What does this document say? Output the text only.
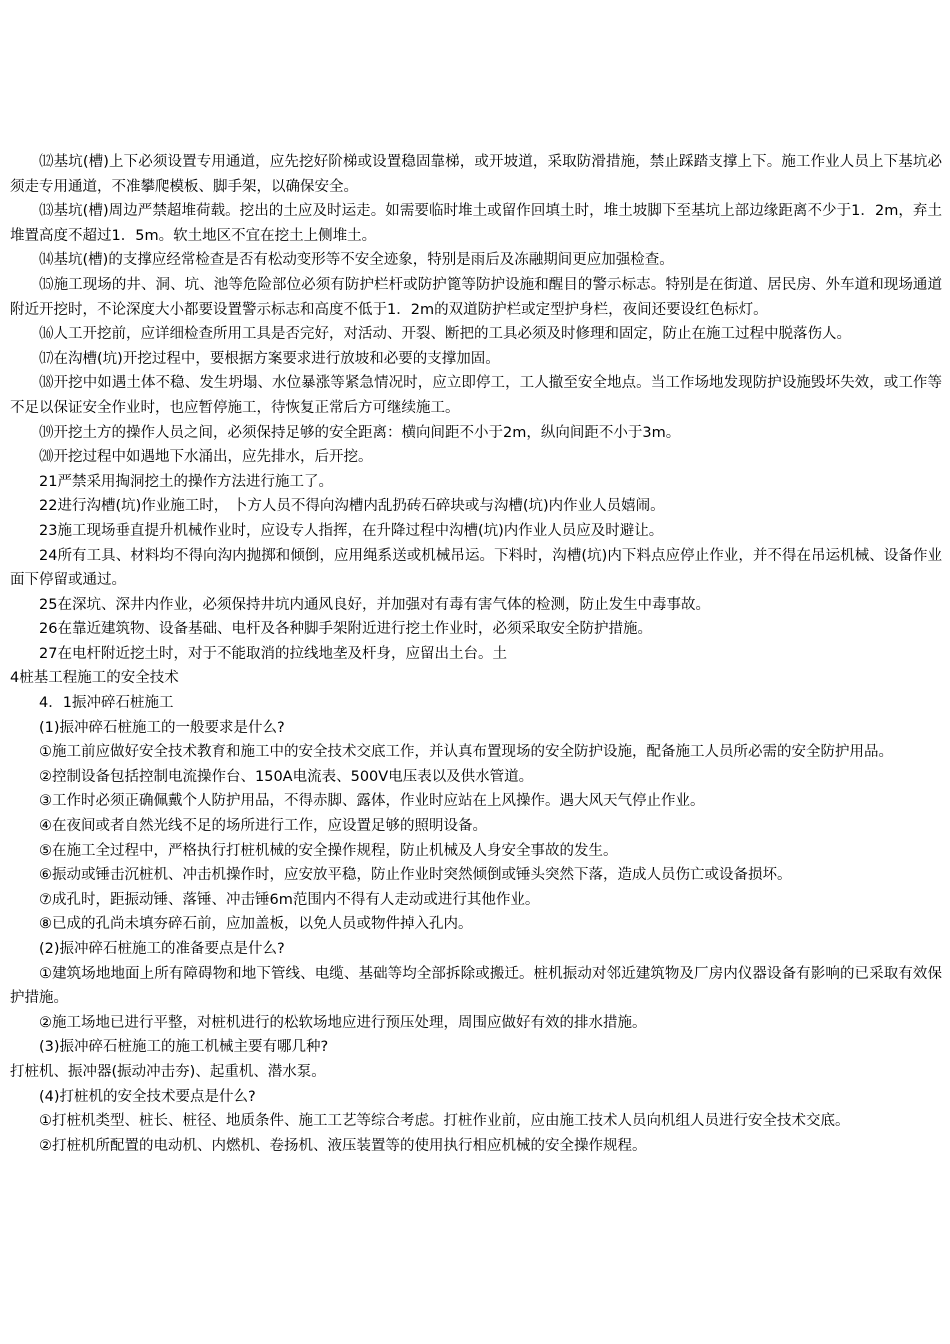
⑿基坑(槽)上下必须设置专用通道，应先挖好阶梯或设置稳固靠梯，或开坡道，采取防滑措施，禁止踩踏支撑上下。施工作业人员上下基坑必须走专用通道，不准攀爬模板、脚手架，以确保安全。

⒀基坑(槽)周边严禁超堆荷载。挖出的土应及时运走。如需要临时堆土或留作回填土时，堆土坡脚下至基坑上部边缘距离不少于1．2m，弃土堆置高度不超过1．5m。软土地区不宜在挖土上侧堆土。

⒁基坑(槽)的支撑应经常检查是否有松动变形等不安全迹象，特别是雨后及冻融期间更应加强检查。

⒂施工现场的井、洞、坑、池等危险部位必须有防护栏杆或防护篦等防护设施和醒目的警示标志。特别是在街道、居民房、外车道和现场通道附近开挖时，不论深度大小都要设置警示标志和高度不低于1．2m的双道防护栏或定型护身栏，夜间还要设红色标灯。

⒃人工开挖前，应详细检查所用工具是否完好，对活动、开裂、断把的工具必须及时修理和固定，防止在施工过程中脱落伤人。

⒄在沟槽(坑)开挖过程中，要根据方案要求进行放坡和必要的支撑加固。

⒅开挖中如遇土体不稳、发生坍塌、水位暴涨等紧急情况时，应立即停工，工人撤至安全地点。当工作场地发现防护设施毁坏失效，或工作等不足以保证安全作业时，也应暂停施工，待恢复正常后方可继续施工。

⒆开挖土方的操作人员之间，必须保持足够的安全距离：横向间距不小于2m，纵向间距不小于3m。

⒇开挖过程中如遇地下水涌出，应先排水，后开挖。

21严禁采用掏洞挖土的操作方法进行施工了。

22进行沟槽(坑)作业施工时， 卜方人员不得向沟槽内乱扔砖石碎块或与沟槽(坑)内作业人员嬉闹。

23施工现场垂直提升机械作业时，应设专人指挥，在升降过程中沟槽(坑)内作业人员应及时避让。

24所有工具、材料均不得向沟内抛掷和倾倒，应用绳系送或机械吊运。下料时，沟槽(坑)内下料点应停止作业，并不得在吊运机械、设备作业面下停留或通过。

25在深坑、深井内作业，必须保持井坑内通风良好，并加强对有毒有害气体的检测，防止发生中毒事故。

26在靠近建筑物、设备基础、电杆及各种脚手架附近进行挖土作业时，必须采取安全防护措施。

27在电杆附近挖土时，对于不能取消的拉线地垄及杆身，应留出土台。土

4桩基工程施工的安全技术

4．1振冲碎石桩施工

(1)振冲碎石桩施工的一般要求是什么?

①施工前应做好安全技术教育和施工中的安全技术交底工作，并认真布置现场的安全防护设施，配备施工人员所必需的安全防护用品。

②控制设备包括控制电流操作台、150A电流表、500V电压表以及供水管道。

③工作时必须正确佩戴个人防护用品，不得赤脚、露体，作业时应站在上风操作。遇大风天气停止作业。

④在夜间或者自然光线不足的场所进行工作，应设置足够的照明设备。

⑤在施工全过程中，严格执行打桩机械的安全操作规程，防止机械及人身安全事故的发生。

⑥振动或锤击沉桩机、冲击机操作时，应安放平稳，防止作业时突然倾倒或锤头突然下落，造成人员伤亡或设备损坏。

⑦成孔时，距振动锤、落锤、冲击锤6m范围内不得有人走动或进行其他作业。

⑧已成的孔尚未填夯碎石前，应加盖板，以免人员或物件掉入孔内。

(2)振冲碎石桩施工的准备要点是什么?

①建筑场地地面上所有障碍物和地下管线、电缆、基础等均全部拆除或搬迁。桩机振动对邻近建筑物及厂房内仪器设备有影响的已采取有效保护措施。

②施工场地已进行平整，对桩机进行的松软场地应进行预压处理，周围应做好有效的排水措施。

(3)振冲碎石桩施工的施工机械主要有哪几种?

打桩机、振冲器(振动冲击夯)、起重机、潜水泵。

(4)打桩机的安全技术要点是什么?

①打桩机类型、桩长、桩径、地质条件、施工工艺等综合考虑。打桩作业前，应由施工技术人员向机组人员进行安全技术交底。

②打桩机所配置的电动机、内燃机、卷扬机、液压装置等的使用执行相应机械的安全操作规程。
